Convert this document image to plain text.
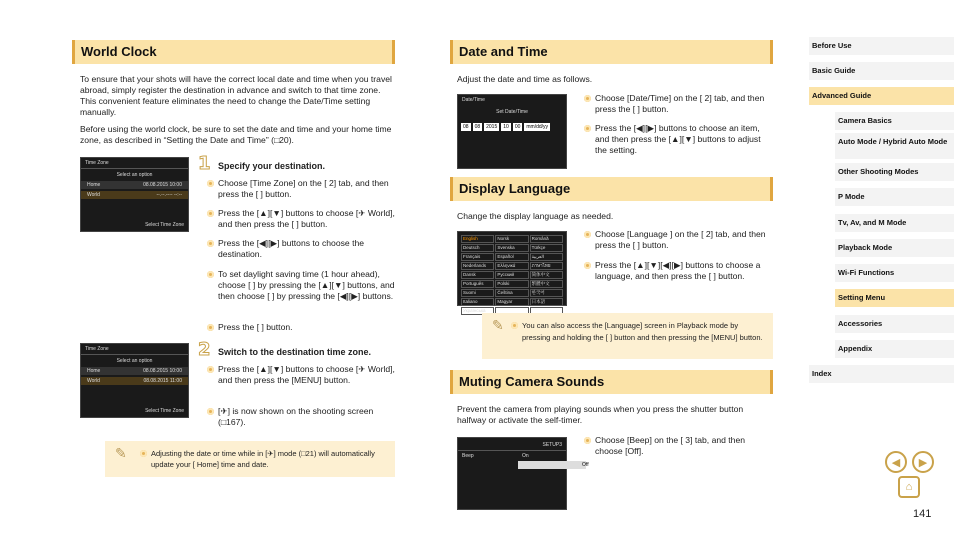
World Clock
To ensure that your shots will have the correct local date and time when you travel abroad, simply register the destination in advance and switch to that time zone. This convenient feature eliminates the need to change the Date/Time setting manually.
Before using the world clock, be sure to set the date and time and your home time zone, as described in “Setting the Date and Time” (□20).
Time Zone
Select an option
Home	08.08.2015 10:00
World	--.--.---- --:--
Select Time Zone
1 Specify your destination.
Choose [Time Zone] on the [ 2] tab, and then press the [ ] button.
Press the [▲][▼] buttons to choose [✈ World], and then press the [ ] button.
Press the [◀][▶] buttons to choose the destination.
To set daylight saving time (1 hour ahead), choose [ ] by pressing the [▲][▼] buttons, and then choose [ ] by pressing the [◀][▶] buttons.
Press the [ ] button.
Time Zone
Select an option
Home	08.08.2015 10:00
World	08.08.2015 11:00
Select Time Zone
2 Switch to the destination time zone.
Press the [▲][▼] buttons to choose [✈ World], and then press the [MENU] button.
[✈] is now shown on the shooting screen (□167).
✎	Adjusting the date or time while in [✈] mode (□21) will automatically update your [ Home] time and date.
Date and Time
Adjust the date and time as follows.
Date/Time
Set Date/Time
08	08	2015	10	00	mm/dd/yy
Choose [Date/Time] on the [ 2] tab, and then press the [ ] button.
Press the [◀][▶] buttons to choose an item, and then press the [▲][▼] buttons to adjust the setting.
Display Language
Change the display language as needed.
English	Norsk	Română
Deutsch	Svenska	Türkçe
Français	Español	العربية
Nederlands	Ελληνικά	ภาษาไทย
Dansk	Русский	简体中文
Português	Polski	繁體中文
Suomi	Čeština	한국어
Italiano	Magyar	日本語
Українська
Choose [Language ] on the [ 2] tab, and then press the [ ] button.
Press the [▲][▼][◀][▶] buttons to choose a language, and then press the [ ] button.
✎	You can also access the [Language] screen in Playback mode by pressing and holding the [ ] button and then pressing the [MENU] button.
Muting Camera Sounds
Prevent the camera from playing sounds when you press the shutter button halfway or activate the self-timer.
SETUP3
Beep	On
Off
Choose [Beep] on the [ 3] tab, and then choose [Off].
Before Use
Basic Guide
Advanced Guide
Camera Basics
Auto Mode / Hybrid Auto Mode
Other Shooting Modes
P Mode
Tv, Av, and M Mode
Playback Mode
Wi-Fi Functions
Setting Menu
Accessories
Appendix
Index
◀	▶
⌂
141
